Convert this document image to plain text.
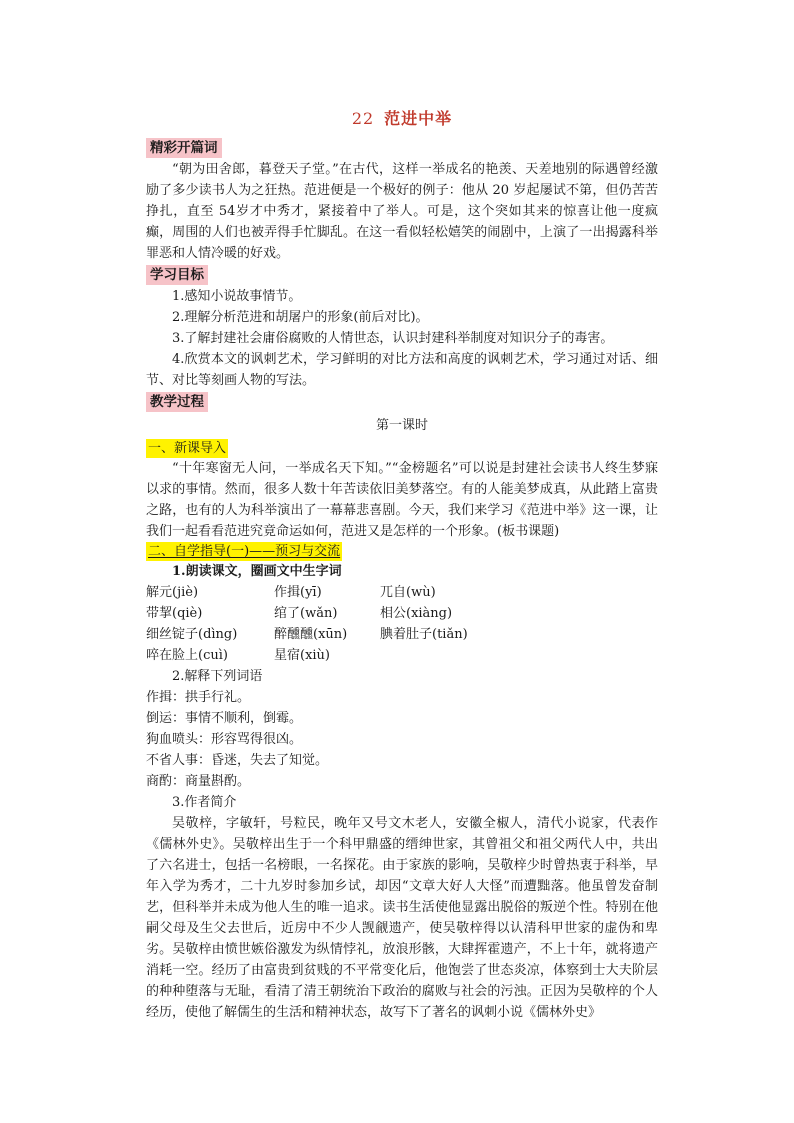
22 范进中举
精彩开篇词

“朝为田舍郎，暮登天子堂。”在古代，这样一举成名的艳羡、天差地别的际遇曾经激励了多少读书人为之狂热。范进便是一个极好的例子：他从 20 岁起屡试不第，但仍苦苦挣扎，直至 54岁才中秀才，紧接着中了举人。可是，这个突如其来的惊喜让他一度疯癫，周围的人们也被弄得手忙脚乱。在这一看似轻松嬉笑的闹剧中，上演了一出揭露科举罪恶和人情冷暖的好戏。

学习目标

1.感知小说故事情节。

2.理解分析范进和胡屠户的形象(前后对比)。

3.了解封建社会庸俗腐败的人情世态，认识封建科举制度对知识分子的毒害。

4.欣赏本文的讽刺艺术，学习鲜明的对比方法和高度的讽刺艺术，学习通过对话、细节、对比等刻画人物的写法。

教学过程
第一课时
一、新课导入

“十年寒窗无人问，一举成名天下知。”“金榜题名”可以说是封建社会读书人终生梦寐以求的事情。然而，很多人数十年苦读依旧美梦落空。有的人能美梦成真，从此踏上富贵之路，也有的人为科举演出了一幕幕悲喜剧。今天，我们来学习《范进中举》这一课，让我们一起看看范进究竟命运如何，范进又是怎样的一个形象。(板书课题)

二、自学指导(一)——预习与交流

1.朗读课文，圈画文中生字词

解元(jiè)	作揖(yī)	兀自(wù)
带挈(qiè)	绾了(wǎn)	相公(xiàng)
细丝锭子(dìng)	醉醺醺(xūn)	腆着肚子(tiǎn)
啐在脸上(cuì)	星宿(xiù)

2.解释下列词语

作揖：拱手行礼。

倒运：事情不顺利，倒霉。

狗血喷头：形容骂得很凶。

不省人事：昏迷，失去了知觉。

商酌：商量斟酌。

3.作者简介

吴敬梓，字敏轩，号粒民，晚年又号文木老人，安徽全椒人，清代小说家，代表作《儒林外史》。吴敬梓出生于一个科甲鼎盛的缙绅世家，其曾祖父和祖父两代人中，共出了六名进士，包括一名榜眼，一名探花。由于家族的影响，吴敬梓少时曾热衷于科举，早年入学为秀才，二十九岁时参加乡试，却因“文章大好人大怪”而遭黜落。他虽曾发奋制艺，但科举并未成为他人生的唯一追求。读书生活使他显露出脱俗的叛逆个性。特别在他嗣父母及生父去世后，近房中不少人觊觎遗产，使吴敬梓得以认清科甲世家的虚伪和卑劣。吴敬梓由愤世嫉俗激发为纵情悖礼，放浪形骸，大肆挥霍遗产，不上十年，就将遗产消耗一空。经历了由富贵到贫贱的不平常变化后，他饱尝了世态炎凉，体察到士大夫阶层的种种堕落与无耻，看清了清王朝统治下政治的腐败与社会的污浊。正因为吴敬梓的个人经历，使他了解儒生的生活和精神状态，故写下了著名的讽刺小说《儒林外史》
